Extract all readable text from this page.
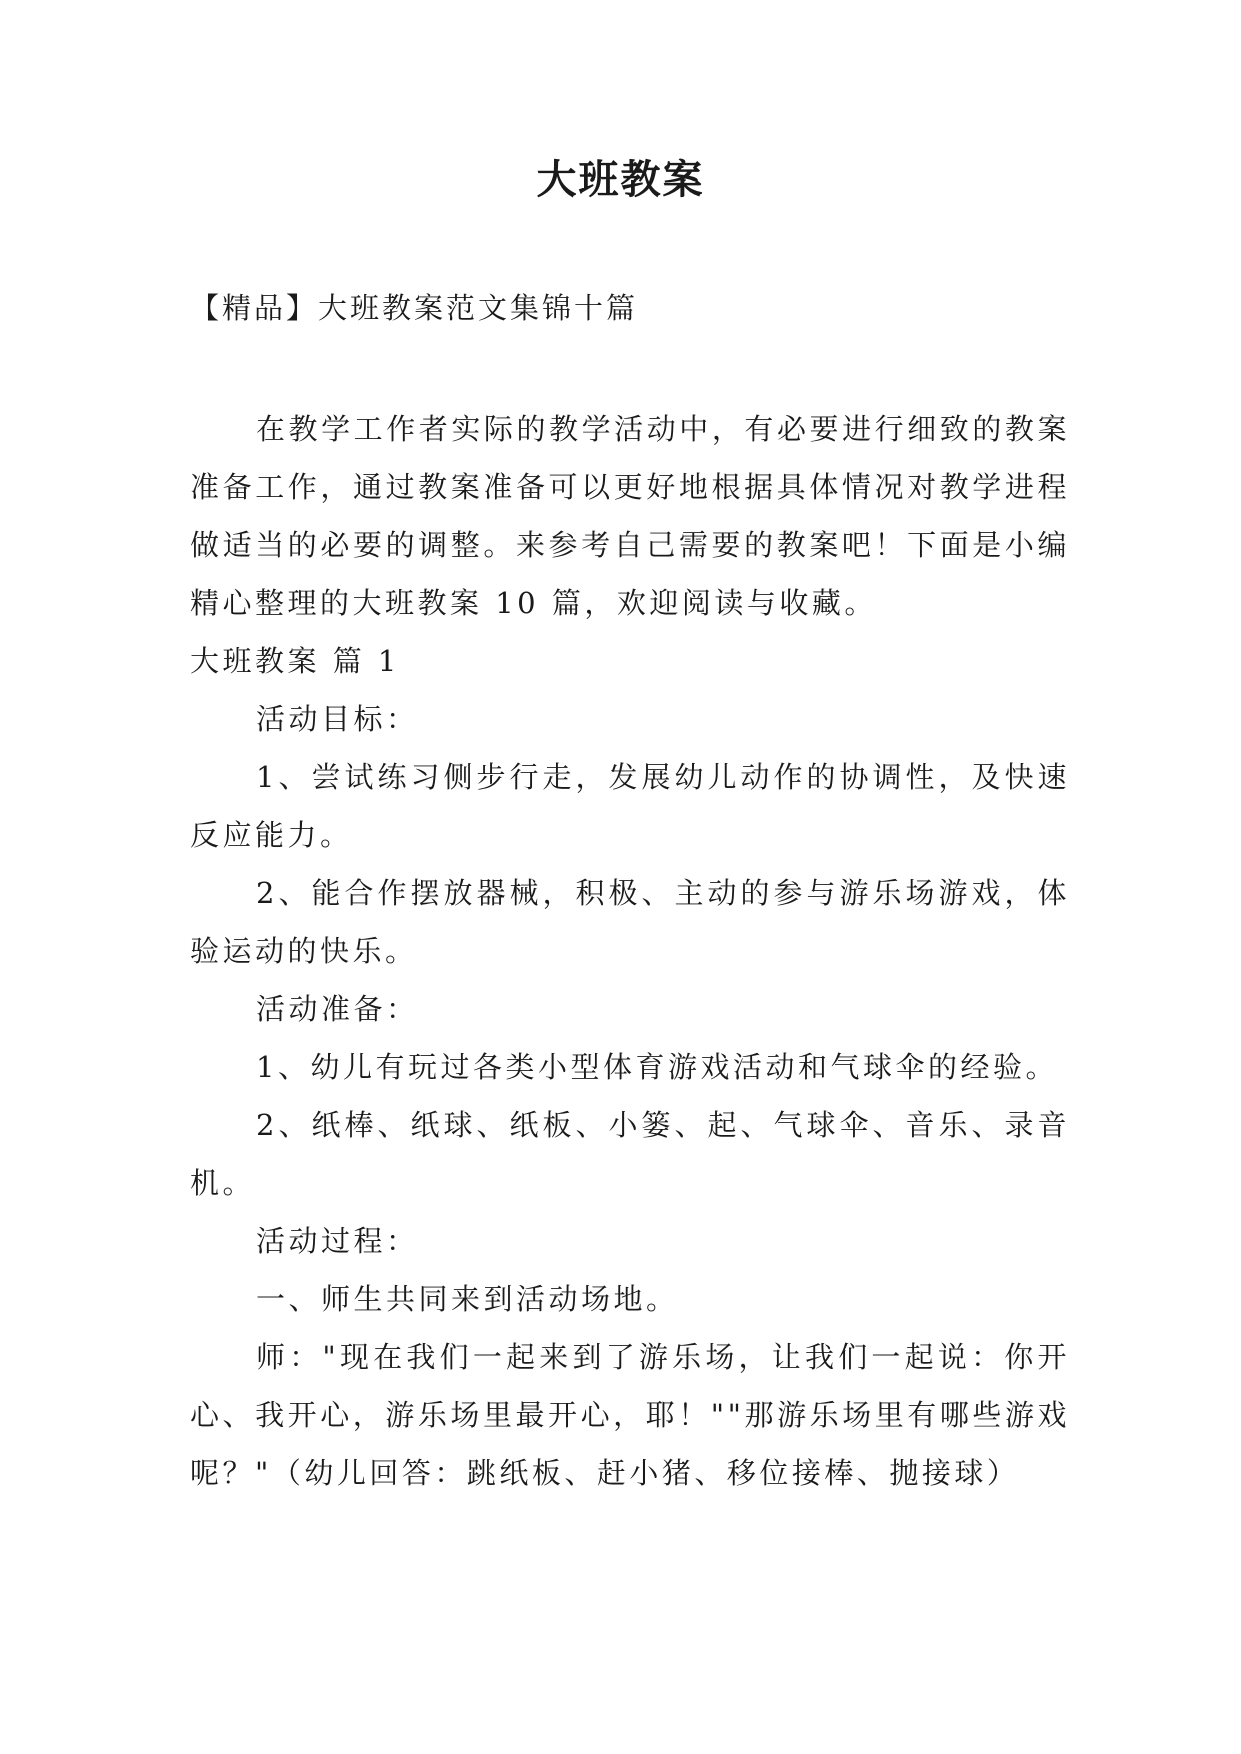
大班教案

【精品】大班教案范文集锦十篇

在教学工作者实际的教学活动中，有必要进行细致的教案准备工作，通过教案准备可以更好地根据具体情况对教学进程做适当的必要的调整。来参考自己需要的教案吧！下面是小编精心整理的大班教案 10 篇，欢迎阅读与收藏。

大班教案 篇 1

活动目标：

1、尝试练习侧步行走，发展幼儿动作的协调性，及快速反应能力。

2、能合作摆放器械，积极、主动的参与游乐场游戏，体验运动的快乐。

活动准备：

1、幼儿有玩过各类小型体育游戏活动和气球伞的经验。

2、纸棒、纸球、纸板、小篓、起、气球伞、音乐、录音机。

活动过程：

一、师生共同来到活动场地。

师："现在我们一起来到了游乐场，让我们一起说：你开心、我开心，游乐场里最开心，耶！""那游乐场里有哪些游戏呢？"（幼儿回答：跳纸板、赶小猪、移位接棒、抛接球）
